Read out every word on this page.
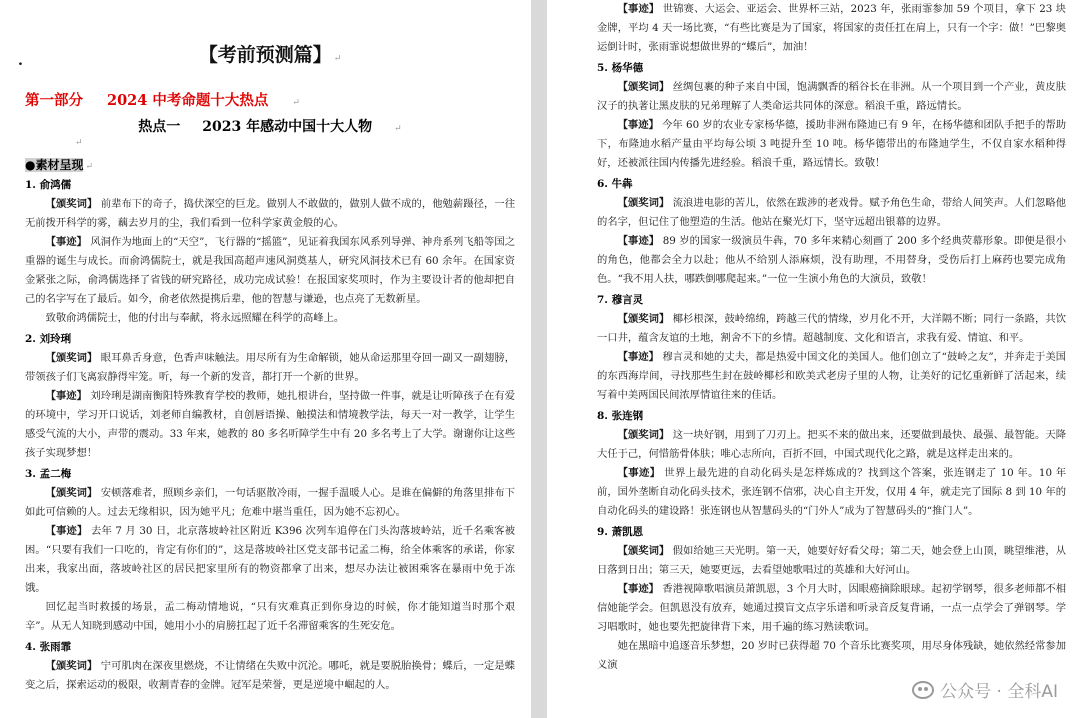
.	【考前预测篇】 ↵
第一部分 2024 中考命题十大热点	↵
热点一 2023 年感动中国十大人物 ↵
↵
●素材呈现 ↵
1. 俞鸿儒
【颁奖词】 前辈布下的奇子，捣伏深空的巨龙。做别人不敢做的，做别人做不成的，他勉薪蹑径，一往无前拨开科学的雾，藕去岁月的尘，我们看到一位科学家黄金般的心。
【事迹】 风洞作为地面上的“天空”，飞行器的“摇篮”，见证着我国东风系列导弹、神舟系列飞船等国之重器的诞生与成长。而俞鸿儒院士，就是我国高超声速风洞奠基人，研究风洞技术已有 60 余年。在国家资金紧张之际，俞鸿儒选择了省钱的研究路径，成功完成试验！在报国家奖项时，作为主要设计者的他却把自己的名字写在了最后。如今，俞老依然提携后辈，他的智慧与谦逊，也点亮了无数新星。
致敬俞鸿儒院士，他的付出与奉献，将永远照耀在科学的高峰上。
2. 刘玲琍
【颁奖词】 眼耳鼻舌身意，色香声味触法。用尽所有为生命解锁，她从命运那里夺回一副又一副翅膀，带领孩子们飞离寂静得牢笼。听，每一个新的发音，都打开一个新的世界。
【事迹】 刘玲琍是湖南衡阳特殊教育学校的教师，她扎根讲台，坚持做一件事，就是让听障孩子在有爱的环境中，学习开口说话，刘老师自编教材，自创唇语操、触摸法和情境教学法，每天一对一教学，让学生感受气流的大小，声带的震动。33 年来，她教的 80 多名听障学生中有 20 多名考上了大学。谢谢你让这些孩子实现梦想！
3. 孟二梅
【颁奖词】 安顿落难者，照顾乡亲们，一句话驱散冷雨，一握手温暖人心。是谁在偏僻的角落里排布下如此可信赖的人。过去无缘相识，因为她平凡；危难中堪当重任，因为她不忘初心。
【事迹】 去年 7 月 30 日，北京落坡岭社区附近 K396 次列车追停在门头沟落坡岭站，近千名乘客被困。“只要有我们一口吃的，肯定有你们的”，这是落坡岭社区党支部书记孟二梅，给全体乘客的承诺，你家出来，我家出面，落坡岭社区的居民把家里所有的物资都拿了出来，想尽办法让被困乘客在暴雨中免于冻饿。
回忆起当时救援的场景，孟二梅动情地说，“只有灾难真正到你身边的时候，你才能知道当时那个艰辛”。从无人知晓到感动中国，她用小小的肩膀扛起了近千名滞留乘客的生死安危。
4. 张雨霏
【颁奖词】 宁可肌肉在深夜里燃烧，不让情绪在失败中沉沦。哪吒，就是要脱胎换骨；蝶后，一定是蝶变之后，探索运动的极限，收割青春的金牌。冠军是荣誉，更是逆境中崛起的人。
【事迹】 世锦赛、大运会、亚运会、世界杯三站，2023 年，张雨霏参加 59 个项目，拿下 23 块金牌，平均 4 天一场比赛，“有些比赛是为了国家，将国家的责任扛在肩上，只有一个字：做！”巴黎奥运倒计时，张雨霏说想做世界的“蝶后”，加油！
5. 杨华德
【颁奖词】 丝绸包裹的种子来自中国，饱满飘香的稻谷长在非洲。从一个项目到一个产业，黄皮肤汉子的执著让黑皮肤的兄弟理解了人类命运共同体的深意。稻浪千重，路远情长。
【事迹】 今年 60 岁的农业专家杨华德，援助非洲布隆迪已有 9 年，在杨华德和团队手把手的帮助下，布隆迪水稻产量由平均每公顷 3 吨提升至 10 吨。杨华德带出的布隆迪学生，不仅自家水稻种得好，还被派往国内传播先进经验。稻浪千重，路远情长。致敬！
6. 牛犇
【颁奖词】 流浪进电影的苦儿，依然在跋涉的老戏骨。赋予角色生命，带给人间笑声。人们忽略他的名字，但记住了他塑造的生活。他站在聚光灯下，坚守远超出银幕的边界。
【事迹】 89 岁的国家一级演员牛犇，70 多年来精心刻画了 200 多个经典荧幕形象。即便是很小的角色，他都会全力以赴；他从不给别人添麻烦，没有助理，不用替身，受伤后打上麻药也要完成角色。“我不用人扶，哪跌倒哪爬起来。”一位一生演小角色的大演员，致敬！
7. 穆言灵
【颁奖词】 椰杉根深，鼓岭绵绵，跨越三代的情缘，岁月化不开，大洋隔不断；同行一条路，共饮一口井，蕴含友谊的土地，割舍不下的乡情。超越制度、文化和语言，求我有爱、情谊、和平。
【事迹】 穆言灵和她的丈夫，都是热爱中国文化的美国人。他们创立了“鼓岭之友”，并奔走于美国的东西海岸间，寻找那些生封在鼓岭椰杉和欧美式老房子里的人物，让美好的记忆重新鲜了活起来，续写着中美两国民间浓厚情谊往来的佳话。
8. 张连钢
【颁奖词】 这一块好钢，用到了刀刃上。把买不来的做出来，还要做到最快、最强、最智能。天降大任于己，何惜筋骨体肤；唯心志所向，百折不回，中国式现代化之路，就是这样走出来的。
【事迹】 世界上最先进的自动化码头是怎样炼成的？找到这个答案，张连钢走了 10 年。10 年前，国外垄断自动化码头技术，张连钢不信邪，决心自主开发，仅用 4 年，就走完了国际 8 到 10 年的自动化码头的建设路！张连钢也从智慧码头的“门外人”成为了智慧码头的“推门人”。
9. 萧凯恩
【颁奖词】 假如给她三天光明。第一天，她要好好看父母；第二天，她会登上山顶，眺望维港，从日落到日出；第三天，她要更远，去看望她歌唱过的英雄和大好河山。
【事迹】 香港视障歌唱演员萧凯恩，3 个月大时，因眼癌摘除眼球。起初学钢琴，很多老师都不相信她能学会。但凯恩没有放弃，她通过摸盲文点字乐谱和听录音反复背诵，一点一点学会了弹钢琴。学习唱歌时，她也要先把旋律背下来，用千遍的练习熟读歌词。
她在黑暗中追逐音乐梦想，20 岁时已获得超 70 个音乐比赛奖项，用尽身体残缺，她依然经常参加义演
公众号 · 全科AI
